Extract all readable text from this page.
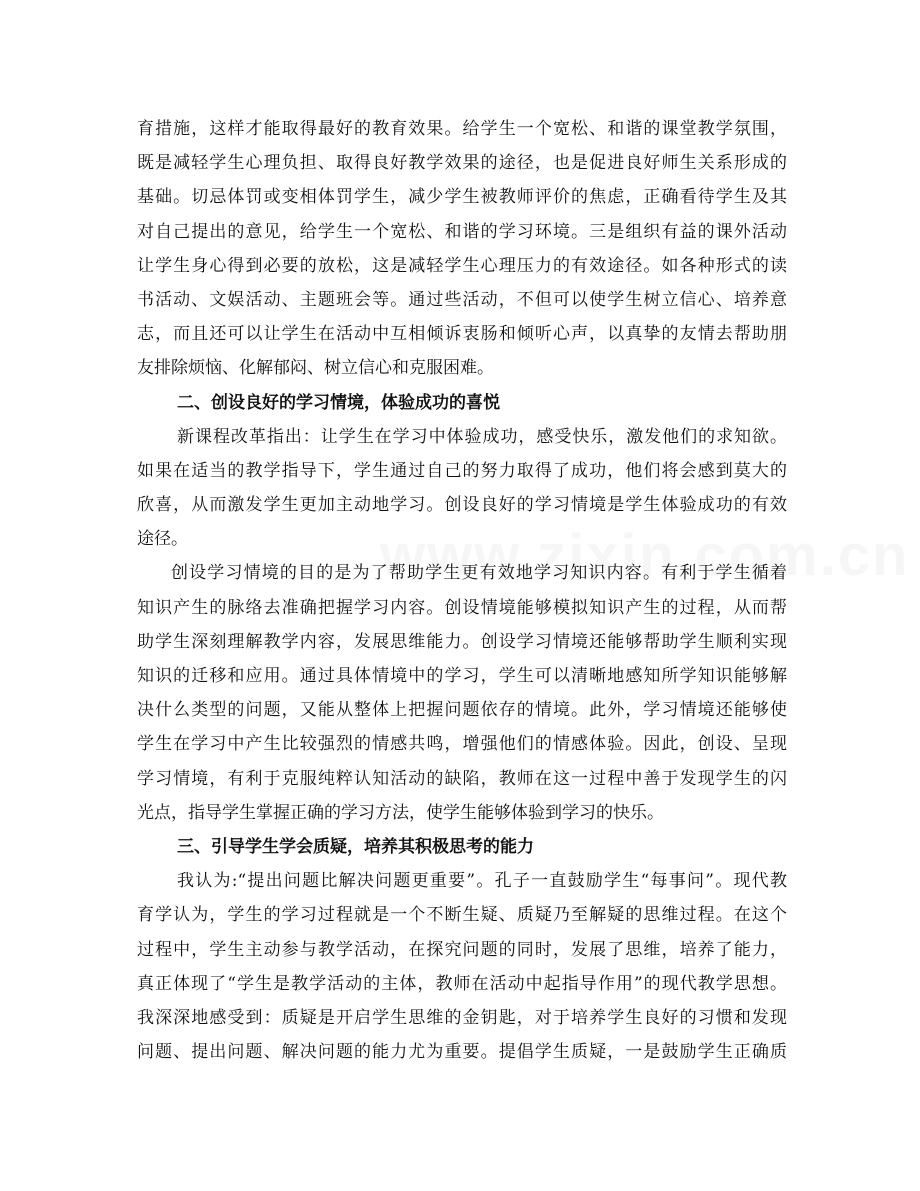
育措施，这样才能取得最好的教育效果。给学生一个宽松、和谐的课堂教学氛围，
既是减轻学生心理负担、取得良好教学效果的途径，也是促进良好师生关系形成的
基础。切忌体罚或变相体罚学生，减少学生被教师评价的焦虑，正确看待学生及其
对自己提出的意见，给学生一个宽松、和谐的学习环境。三是组织有益的课外活动
让学生身心得到必要的放松，这是减轻学生心理压力的有效途径。如各种形式的读
书活动、文娱活动、主题班会等。通过些活动，不但可以使学生树立信心、培养意
志，而且还可以让学生在活动中互相倾诉衷肠和倾听心声，以真挚的友情去帮助朋
友排除烦恼、化解郁闷、树立信心和克服困难。
二、创设良好的学习情境，体验成功的喜悦
新课程改革指出：让学生在学习中体验成功，感受快乐，激发他们的求知欲。
如果在适当的教学指导下，学生通过自己的努力取得了成功，他们将会感到莫大的
欣喜，从而激发学生更加主动地学习。创设良好的学习情境是学生体验成功的有效
途径。
创设学习情境的目的是为了帮助学生更有效地学习知识内容。有利于学生循着
知识产生的脉络去准确把握学习内容。创设情境能够模拟知识产生的过程，从而帮
助学生深刻理解教学内容，发展思维能力。创设学习情境还能够帮助学生顺利实现
知识的迁移和应用。通过具体情境中的学习，学生可以清晰地感知所学知识能够解
决什么类型的问题，又能从整体上把握问题依存的情境。此外，学习情境还能够使
学生在学习中产生比较强烈的情感共鸣，增强他们的情感体验。因此，创设、呈现
学习情境，有利于克服纯粹认知活动的缺陷，教师在这一过程中善于发现学生的闪
光点，指导学生掌握正确的学习方法，使学生能够体验到学习的快乐。
三、引导学生学会质疑，培养其积极思考的能力
我认为:“提出问题比解决问题更重要”。孔子一直鼓励学生“每事问”。现代教
育学认为，学生的学习过程就是一个不断生疑、质疑乃至解疑的思维过程。在这个
过程中，学生主动参与教学活动，在探究问题的同时，发展了思维，培养了能力，
真正体现了“学生是教学活动的主体，教师在活动中起指导作用”的现代教学思想。
我深深地感受到：质疑是开启学生思维的金钥匙，对于培养学生良好的习惯和发现
问题、提出问题、解决问题的能力尤为重要。提倡学生质疑，一是鼓励学生正确质
